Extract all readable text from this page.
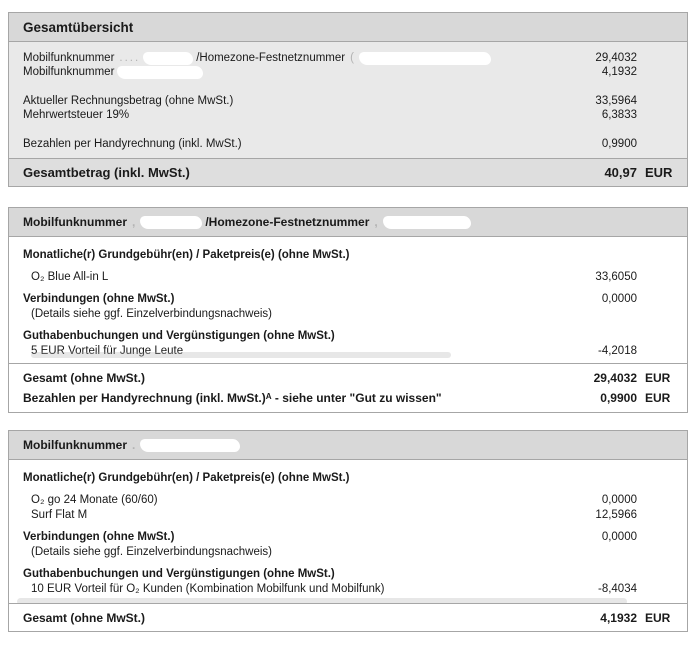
Gesamtübersicht
Mobilfunknummer ....	/Homezone-Festnetznummer (	29,4032
Mobilfunknummer	4,1932
Aktueller Rechnungsbetrag (ohne MwSt.)	33,5964
Mehrwertsteuer 19%	6,3833
Bezahlen per Handyrechnung (inkl. MwSt.)	0,9900
Gesamtbetrag (inkl. MwSt.)	40,97 EUR
Mobilfunknummer ,	/Homezone-Festnetznummer ,
Monatliche(r) Grundgebühr(en) / Paketpreis(e) (ohne MwSt.)
O₂ Blue All-in L	33,6050
Verbindungen (ohne MwSt.)	0,0000
(Details siehe ggf. Einzelverbindungsnachweis)
Guthabenbuchungen und Vergünstigungen (ohne MwSt.)
5 EUR Vorteil für Junge Leute	-4,2018
Gesamt (ohne MwSt.)	29,4032 EUR
Bezahlen per Handyrechnung (inkl. MwSt.)ᴬ - siehe unter "Gut zu wissen"	0,9900 EUR
Mobilfunknummer .
Monatliche(r) Grundgebühr(en) / Paketpreis(e) (ohne MwSt.)
O₂ go 24 Monate (60/60)	0,0000
Surf Flat M	12,5966
Verbindungen (ohne MwSt.)	0,0000
(Details siehe ggf. Einzelverbindungsnachweis)
Guthabenbuchungen und Vergünstigungen (ohne MwSt.)
10 EUR Vorteil für O₂ Kunden (Kombination Mobilfunk und Mobilfunk)	-8,4034
Gesamt (ohne MwSt.)	4,1932 EUR
